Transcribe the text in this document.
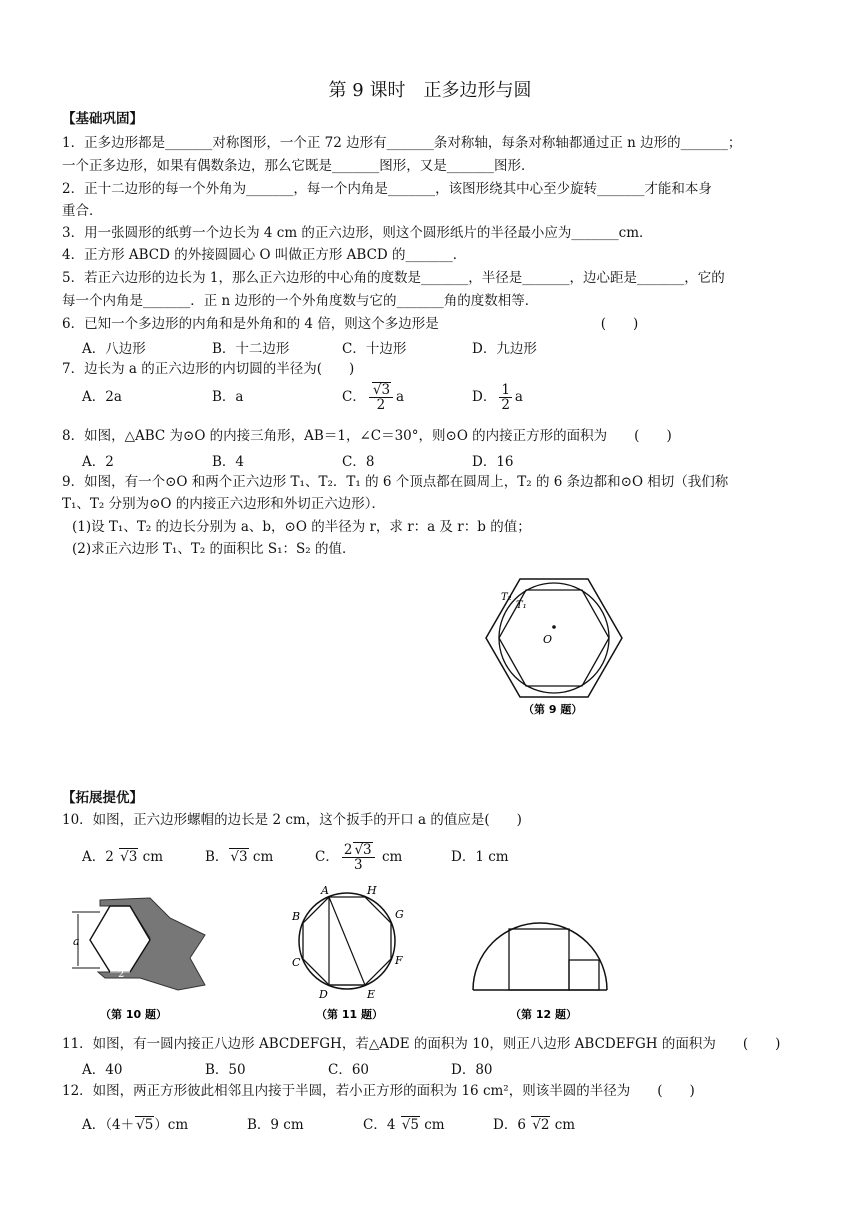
第 9 课时　正多边形与圆
【基础巩固】
1．正多边形都是_______对称图形，一个正 72 边形有_______条对称轴，每条对称轴都通过正 n 边形的_______；
一个正多边形，如果有偶数条边，那么它既是_______图形，又是_______图形．
2．正十二边形的每一个外角为_______，每一个内角是_______，该图形绕其中心至少旋转_______才能和本身
重合．
3．用一张圆形的纸剪一个边长为 4 cm 的正六边形，则这个圆形纸片的半径最小应为_______cm．
4．正方形 ABCD 的外接圆圆心 O 叫做正方形 ABCD 的_______．
5．若正六边形的边长为 1，那么正六边形的中心角的度数是_______，半径是_______，边心距是_______，它的
每一个内角是_______．正 n 边形的一个外角度数与它的_______角的度数相等．
6．已知一个多边形的内角和是外角和的 4 倍，则这个多边形是　　　　　　　　　　　　(　　)
A．八边形	B．十二边形	C．十边形	D．九边形
7．边长为 a 的正六边形的内切圆的半径为(　　)
A．2a	B．a	C． √ $\frac{3}{2}$ a	D． $\frac{1}{2}$ a
8．如图，△ABC 为⊙O 的内接三角形，AB＝1，∠C＝30°，则⊙O 的内接正方形的面积为　　(　　)
A．2	B．4	C．8	D．16
9．如图，有一个⊙O 和两个正六边形 T₁、T₂．T₁ 的 6 个顶点都在圆周上，T₂ 的 6 条边都和⊙O 相切（我们称
T₁、T₂ 分别为⊙O 的内接正六边形和外切正六边形）．
(1)设 T₁、T₂ 的边长分别为 a、b，⊙O 的半径为 r，求 r：a 及 r：b 的值；
(2)求正六边形 T₁、T₂ 的面积比 S₁：S₂ 的值．
T₂
T₁
O
（第 9 题）
【拓展提优】
10．如图，正六边形螺帽的边长是 2 cm，这个扳手的开口 a 的值应是(　　)
A．2 √ 3 cm	B． √ 3 cm	C． $\frac{2 √ 3}{3}$ cm	D．1 cm
a
2
（第 10 题）
A	H
G
F
E
D
C
B
（第 11 题）	（第 12 题）
11．如图，有一圆内接正八边形 ABCDEFGH，若△ADE 的面积为 10，则正八边形 ABCDEFGH 的面积为　　(　　)
A．40	B．50	C．60	D．80
12．如图，两正方形彼此相邻且内接于半圆，若小正方形的面积为 16 cm²，则该半圆的半径为　　(　　)
A．（4＋ √ 5）cm	B．9 cm	C．4 √ 5 cm	D．6 √ 2 cm
